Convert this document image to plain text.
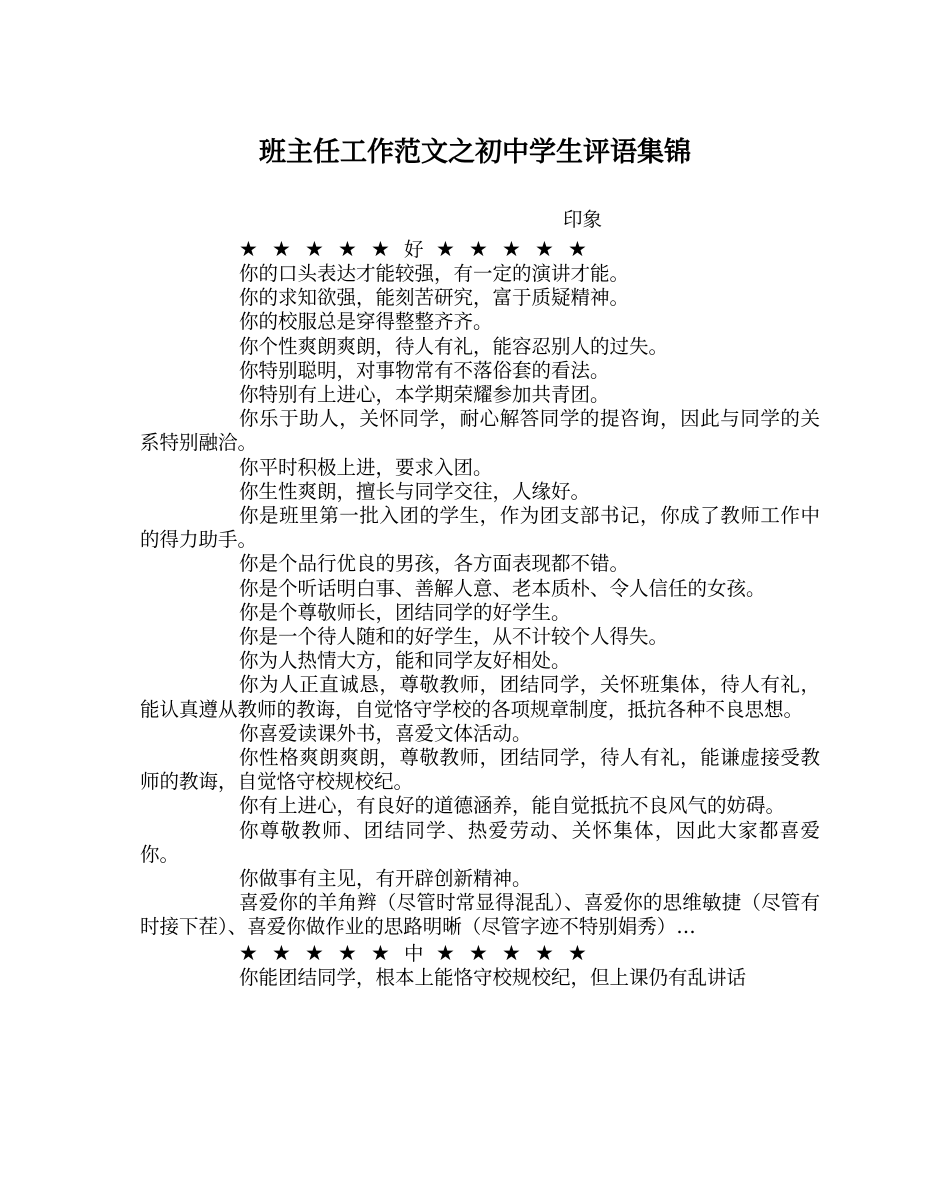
班主任工作范文之初中学生评语集锦
印象
★ ★ ★ ★ ★ 好 ★ ★ ★ ★ ★

你的口头表达才能较强，有一定的演讲才能。

你的求知欲强，能刻苦研究，富于质疑精神。

你的校服总是穿得整整齐齐。

你个性爽朗爽朗，待人有礼，能容忍别人的过失。

你特别聪明，对事物常有不落俗套的看法。

你特别有上进心，本学期荣耀参加共青团。

你乐于助人，关怀同学，耐心解答同学的提咨询，因此与同学的关系特别融洽。

你平时积极上进，要求入团。

你生性爽朗，擅长与同学交往，人缘好。

你是班里第一批入团的学生，作为团支部书记，你成了教师工作中的得力助手。

你是个品行优良的男孩，各方面表现都不错。

你是个听话明白事、善解人意、老本质朴、令人信任的女孩。

你是个尊敬师长，团结同学的好学生。

你是一个待人随和的好学生，从不计较个人得失。

你为人热情大方，能和同学友好相处。

你为人正直诚恳，尊敬教师，团结同学，关怀班集体，待人有礼，能认真遵从教师的教诲，自觉恪守学校的各项规章制度，抵抗各种不良思想。

你喜爱读课外书，喜爱文体活动。

你性格爽朗爽朗，尊敬教师，团结同学，待人有礼，能谦虚接受教师的教诲，自觉恪守校规校纪。

你有上进心，有良好的道德涵养，能自觉抵抗不良风气的妨碍。

你尊敬教师、团结同学、热爱劳动、关怀集体，因此大家都喜爱你。

你做事有主见，有开辟创新精神。

喜爱你的羊角辫（尽管时常显得混乱）、喜爱你的思维敏捷（尽管有时接下茬）、喜爱你做作业的思路明晰（尽管字迹不特别娟秀）…

★ ★ ★ ★ ★ 中 ★ ★ ★ ★ ★

你能团结同学，根本上能恪守校规校纪，但上课仍有乱讲话
